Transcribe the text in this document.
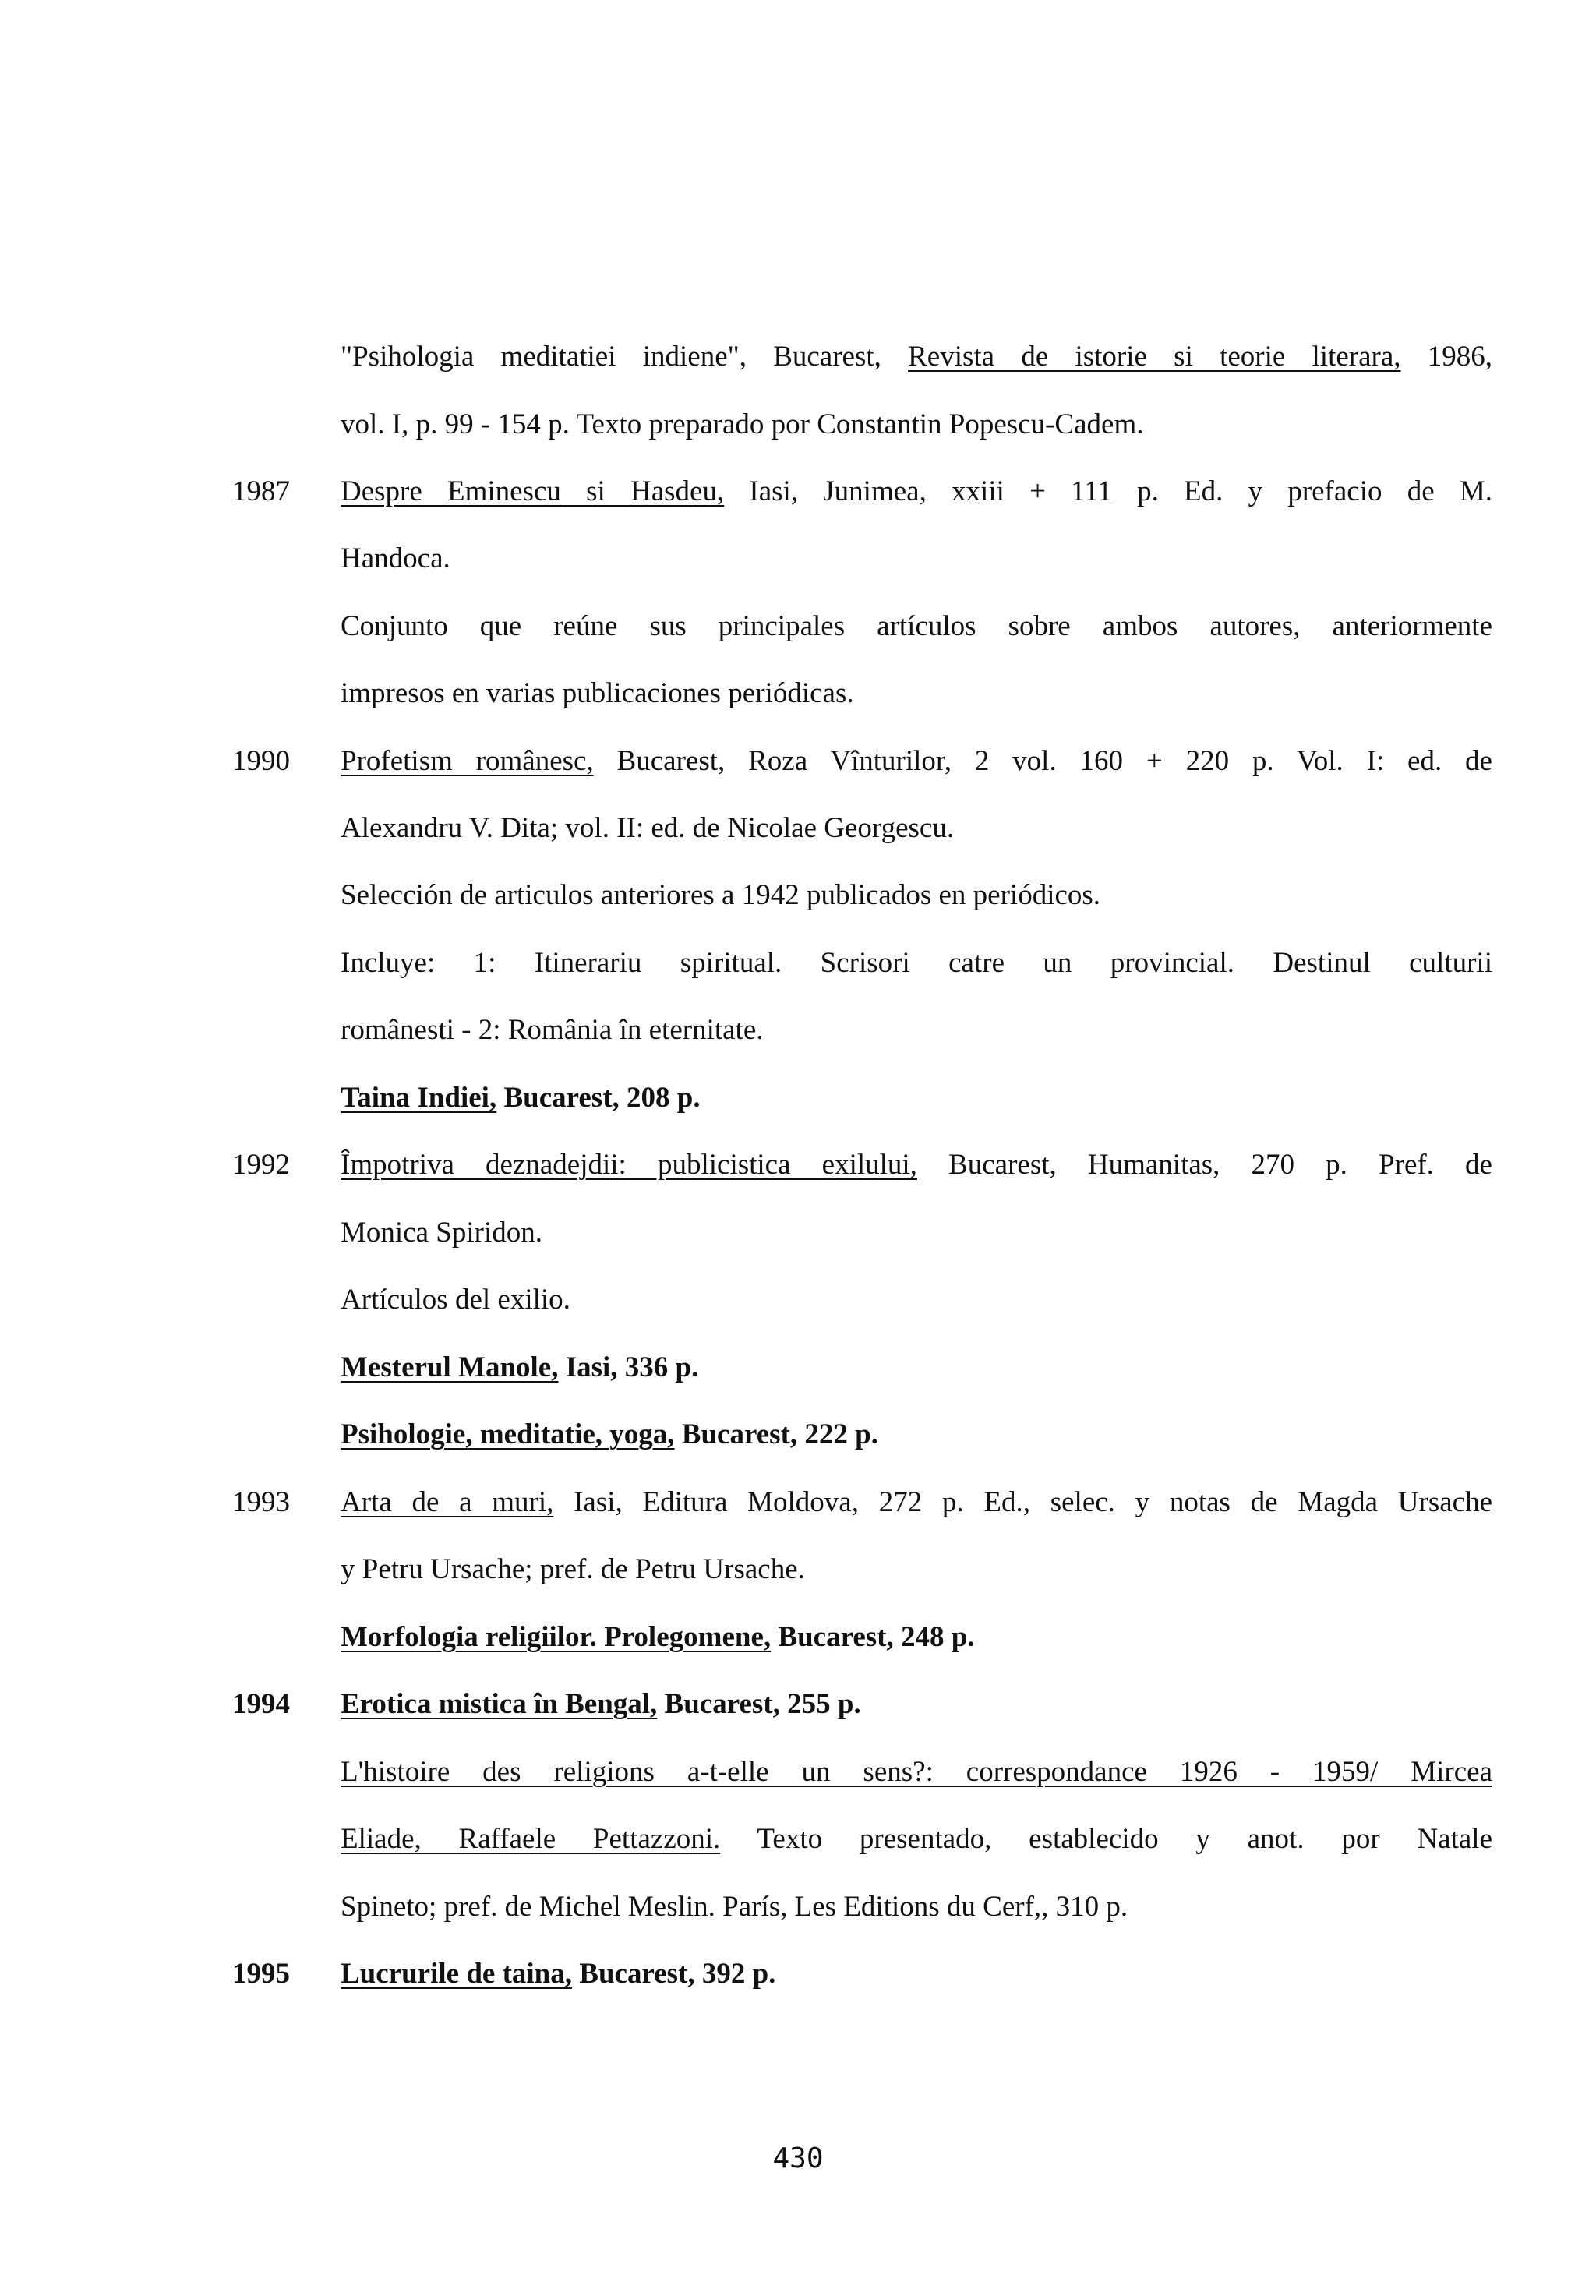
"Psihologia meditatiei indiene", Bucarest, Revista de istorie si teorie literara, 1986,
vol. I, p. 99 - 154 p. Texto preparado por Constantin Popescu-Cadem.
1987 Despre Eminescu si Hasdeu, Iasi, Junimea, xxiii + 111 p. Ed. y prefacio de M.
Handoca.
Conjunto que reúne sus principales artículos sobre ambos autores, anteriormente
impresos en varias publicaciones periódicas.
1990 Profetism românesc, Bucarest, Roza Vînturilor, 2 vol. 160 + 220 p. Vol. I: ed. de
Alexandru V. Dita; vol. II: ed. de Nicolae Georgescu.
Selección de articulos anteriores a 1942 publicados en periódicos.
Incluye: 1: Itinerariu spiritual. Scrisori catre un provincial. Destinul culturii
românesti - 2: România în eternitate.
Taina Indiei, Bucarest, 208 p.
1992 Împotriva deznadejdii: publicistica exilului, Bucarest, Humanitas, 270 p. Pref. de
Monica Spiridon.
Artículos del exilio.
Mesterul Manole, Iasi, 336 p.
Psihologie, meditatie, yoga, Bucarest, 222 p.
1993 Arta de a muri, Iasi, Editura Moldova, 272 p. Ed., selec. y notas de Magda Ursache
y Petru Ursache; pref. de Petru Ursache.
Morfologia religiilor. Prolegomene, Bucarest, 248 p.
1994 Erotica mistica în Bengal, Bucarest, 255 p.
L'histoire des religions a-t-elle un sens?: correspondance 1926 - 1959/ Mircea
Eliade, Raffaele Pettazzoni. Texto presentado, establecido y anot. por Natale
Spineto; pref. de Michel Meslin. París, Les Editions du Cerf,, 310 p.
1995 Lucrurile de taina, Bucarest, 392 p.
430
